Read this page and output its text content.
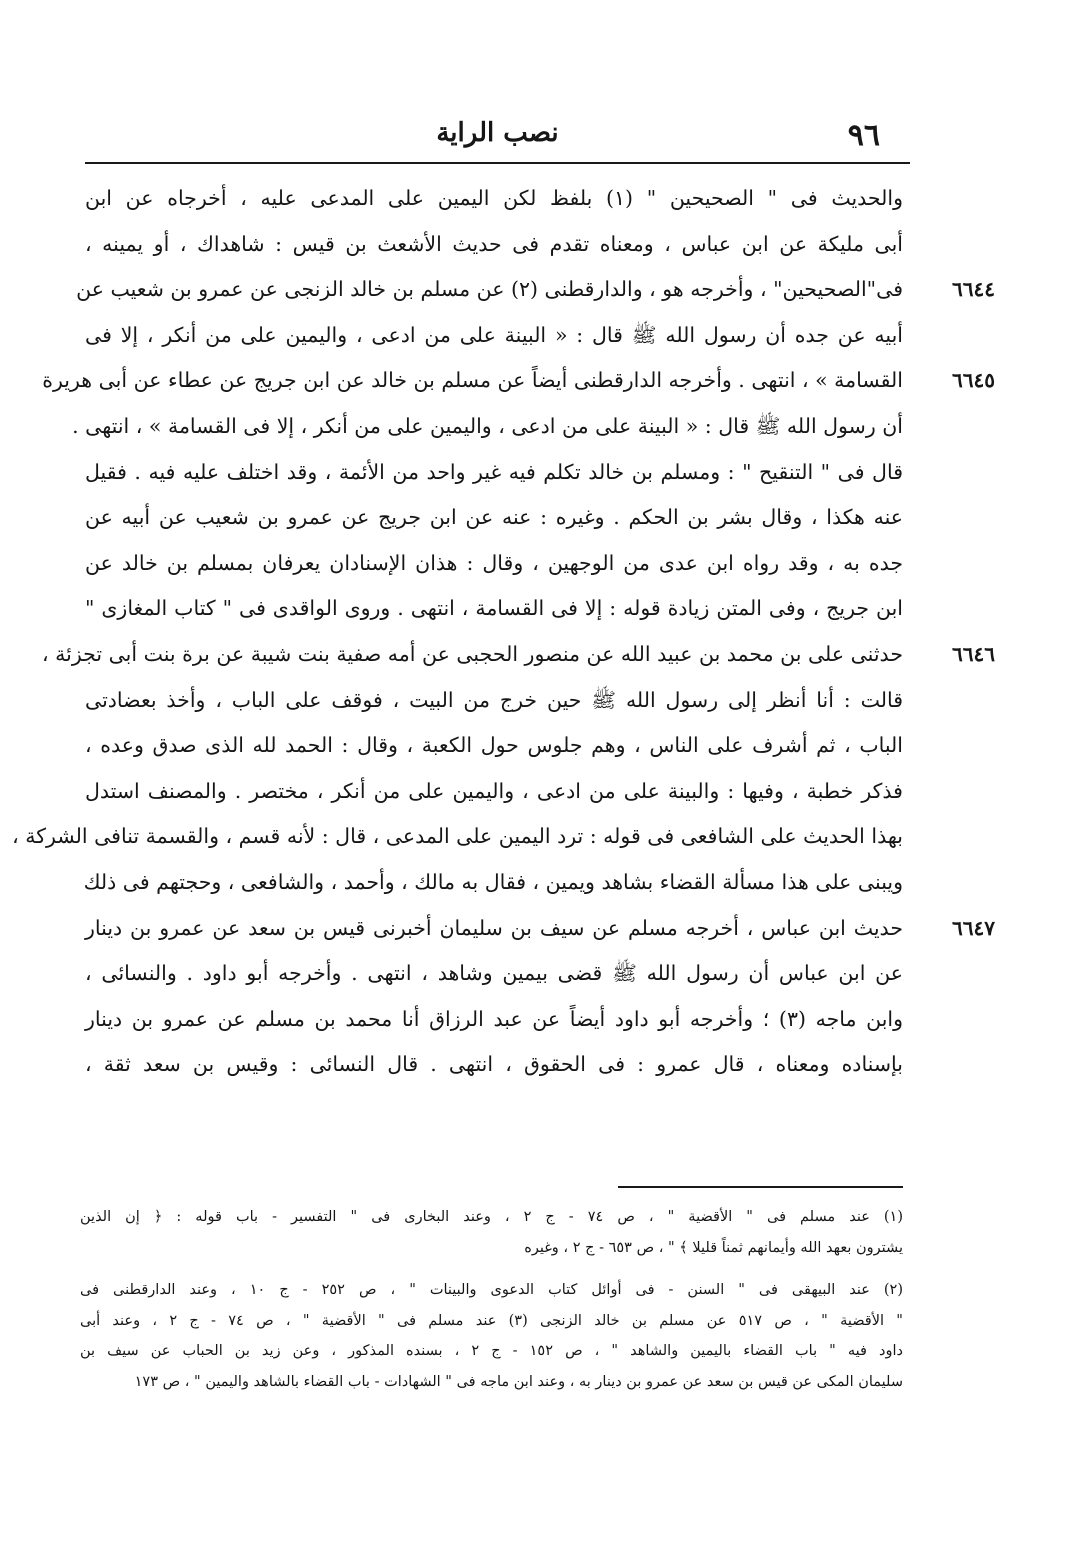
نصب الراية	٩٦
والحديث فى " الصحيحين " (١) بلفظ لكن اليمين على المدعى عليه ، أخرجاه عن ابن
أبى مليكة عن ابن عباس ، ومعناه تقدم فى حديث الأشعث بن قيس : شاهداك ، أو يمينه ،
فى"الصحيحين" ، وأخرجه هو ، والدارقطنى (٢) عن مسلم بن خالد الزنجى عن عمرو بن شعيب عن ٦٦٤٤
أبيه عن جده أن رسول الله ﷺ قال : « البينة على من ادعى ، واليمين على من أنكر ، إلا فى
القسامة » ، انتهى . وأخرجه الدارقطنى أيضاً عن مسلم بن خالد عن ابن جريج عن عطاء عن أبى هريرة ٦٦٤٥
أن رسول الله ﷺ قال : « البينة على من ادعى ، واليمين على من أنكر ، إلا فى القسامة » ، انتهى .
قال فى " التنقيح " : ومسلم بن خالد تكلم فيه غير واحد من الأئمة ، وقد اختلف عليه فيه . فقيل
عنه هكذا ، وقال بشر بن الحكم . وغيره : عنه عن ابن جريج عن عمرو بن شعيب عن أبيه عن
جده به ، وقد رواه ابن عدى من الوجهين ، وقال : هذان الإسنادان يعرفان بمسلم بن خالد عن
ابن جريج ، وفى المتن زيادة قوله : إلا فى القسامة ، انتهى . وروى الواقدى فى " كتاب المغازى "
حدثنى على بن محمد بن عبيد الله عن منصور الحجبى عن أمه صفية بنت شيبة عن برة بنت أبى تجزئة ، ٦٦٤٦
قالت : أنا أنظر إلى رسول الله ﷺ حين خرج من البيت ، فوقف على الباب ، وأخذ بعضادتى
الباب ، ثم أشرف على الناس ، وهم جلوس حول الكعبة ، وقال : الحمد لله الذى صدق وعده ،
فذكر خطبة ، وفيها : والبينة على من ادعى ، واليمين على من أنكر ، مختصر . والمصنف استدل
بهذا الحديث على الشافعى فى قوله : ترد اليمين على المدعى ، قال : لأنه قسم ، والقسمة تنافى الشركة ،
ويبنى على هذا مسألة القضاء بشاهد ويمين ، فقال به مالك ، وأحمد ، والشافعى ، وحجتهم فى ذلك
حديث ابن عباس ، أخرجه مسلم عن سيف بن سليمان أخبرنى قيس بن سعد عن عمرو بن دينار ٦٦٤٧
عن ابن عباس أن رسول الله ﷺ قضى بيمين وشاهد ، انتهى . وأخرجه أبو داود . والنسائى ،
وابن ماجه (٣) ؛ وأخرجه أبو داود أيضاً عن عبد الرزاق أنا محمد بن مسلم عن عمرو بن دينار
بإسناده ومعناه ، قال عمرو : فى الحقوق ، انتهى . قال النسائى : وقيس بن سعد ثقة ،
(١) عند مسلم فى " الأقضية " ، ص ٧٤ - ج ٢ ، وعند البخارى فى " التفسير - باب قوله : ﴿ إن الذين
يشترون بعهد الله وأيمانهم ثمناً قليلا ﴾ " ، ص ٦٥٣ - ج ٢ ، وغيره
(٢) عند البيهقى فى " السنن - فى أوائل كتاب الدعوى والبينات " ، ص ٢٥٢ - ج ١٠ ، وعند الدارقطنى فى
" الأقضية " ، ص ٥١٧ عن مسلم بن خالد الزنجى (٣) عند مسلم فى " الأقضية " ، ص ٧٤ - ج ٢ ، وعند أبى
داود فيه " باب القضاء باليمين والشاهد " ، ص ١٥٢ - ج ٢ ، بسنده المذكور ، وعن زيد بن الحباب عن سيف بن
سليمان المكى عن قيس بن سعد عن عمرو بن دينار به ، وعند ابن ماجه فى " الشهادات - باب القضاء بالشاهد واليمين " ، ص ١٧٣
